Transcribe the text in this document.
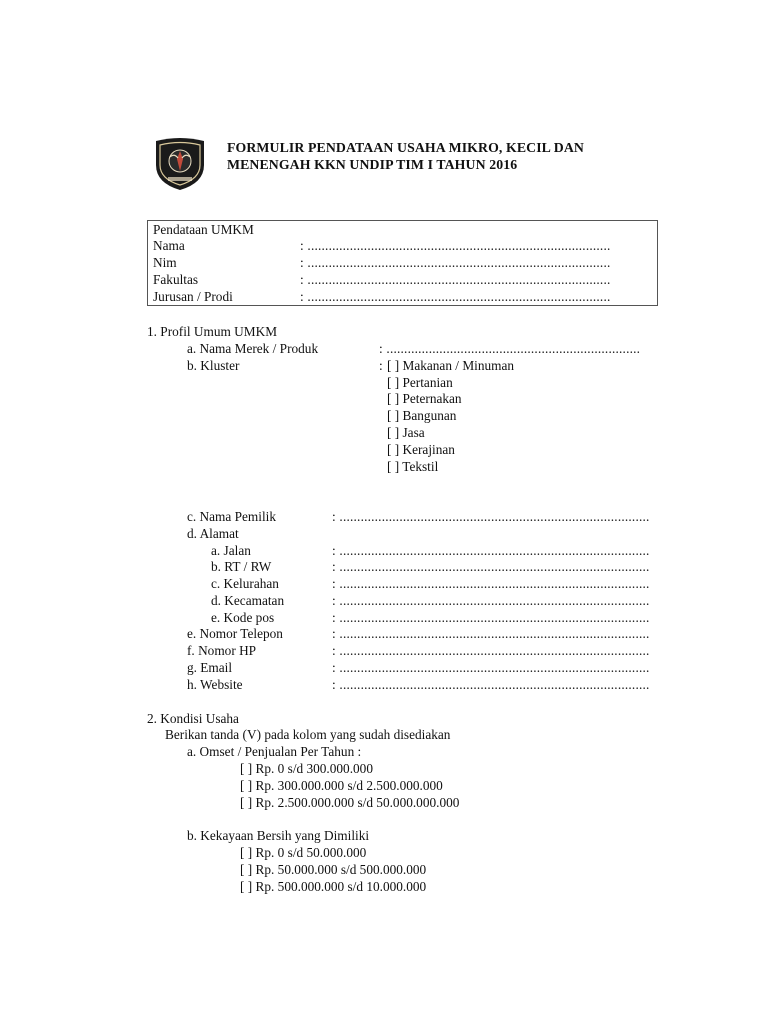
FORMULIR PENDATAAN USAHA MIKRO, KECIL DAN
MENENGAH KKN UNDIP TIM I TAHUN 2016
Pendataan UMKM
Nama	: ......................................................................................
Nim	: ......................................................................................
Fakultas	: ......................................................................................
Jurusan / Prodi	: ......................................................................................
1. Profil Umum UMKM
a. Nama Merek / Produk	: ........................................................................
b. Kluster	: [ ] Makanan / Minuman
[ ] Pertanian
[ ] Peternakan
[ ] Bangunan
[ ] Jasa
[ ] Kerajinan
[ ] Tekstil
c. Nama Pemilik	: ........................................................................................
d. Alamat
a. Jalan	: ........................................................................................
b. RT / RW	: ........................................................................................
c. Kelurahan	: ........................................................................................
d. Kecamatan	: ........................................................................................
e. Kode pos	: ........................................................................................
e. Nomor Telepon	: ........................................................................................
f. Nomor HP	: ........................................................................................
g. Email	: ........................................................................................
h. Website	: ........................................................................................
2. Kondisi Usaha
Berikan tanda (V) pada kolom yang sudah disediakan
a. Omset / Penjualan Per Tahun :
[ ] Rp. 0 s/d 300.000.000
[ ] Rp. 300.000.000 s/d 2.500.000.000
[ ] Rp. 2.500.000.000 s/d 50.000.000.000
b. Kekayaan Bersih yang Dimiliki
[ ] Rp. 0 s/d 50.000.000
[ ] Rp. 50.000.000 s/d 500.000.000
[ ] Rp. 500.000.000 s/d 10.000.000
